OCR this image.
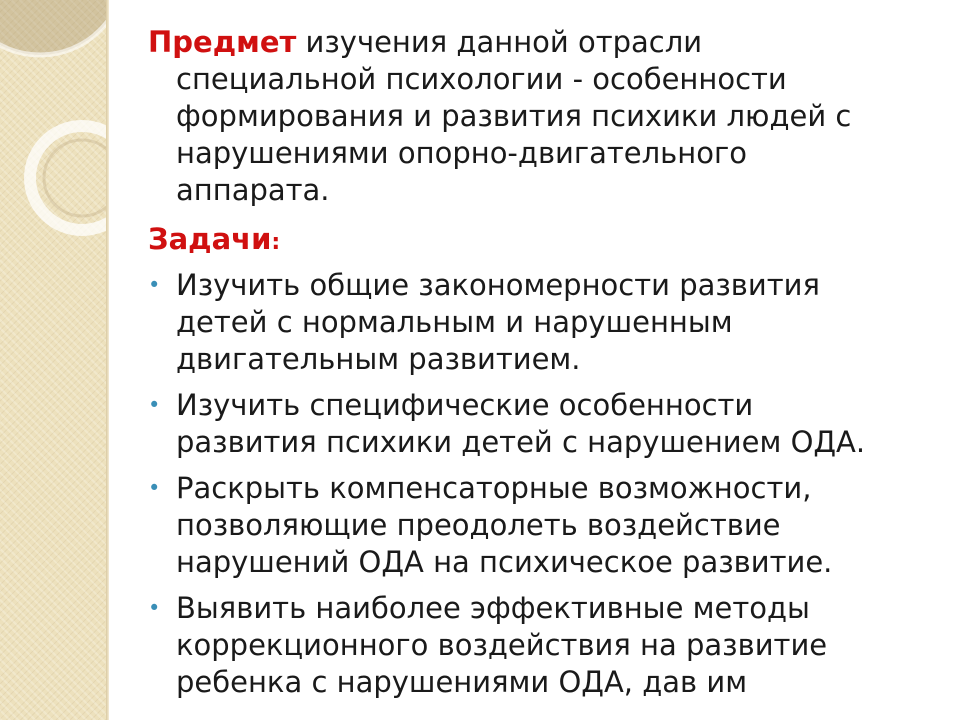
Предмет изучения данной отрасли
специальной психологии - особенности
формирования и развития психики людей с
нарушениями опорно-двигательного
аппарата.
Задачи:
• Изучить общие закономерности развития
детей с нормальным и нарушенным
двигательным развитием.
• Изучить специфические особенности
развития психики детей с нарушением ОДА.
• Раскрыть компенсаторные возможности,
позволяющие преодолеть воздействие
нарушений ОДА на психическое развитие.
• Выявить наиболее эффективные методы
коррекционного воздействия на развитие
ребенка с нарушениями ОДА, дав им
